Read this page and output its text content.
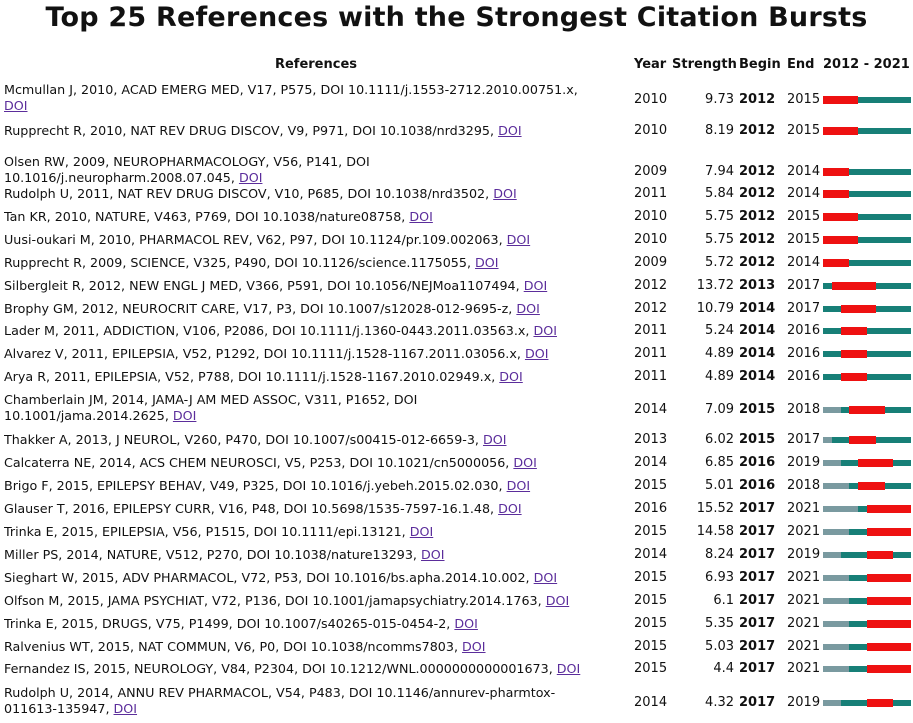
Top 25 References with the Strongest Citation Bursts
References	Year Strength Begin End 2012 - 2021
Mcmullan J, 2010, ACAD EMERG MED, V17, P575, DOI 10.1111/j.1553-2712.2010.00751.x,
DOI	2010	9.73 2012 2015
Rupprecht R, 2010, NAT REV DRUG DISCOV, V9, P971, DOI 10.1038/nrd3295, DOI	2010	8.19 2012 2015
Olsen RW, 2009, NEUROPHARMACOLOGY, V56, P141, DOI
10.1016/j.neuropharm.2008.07.045, DOI	2009	7.94 2012 2014
Rudolph U, 2011, NAT REV DRUG DISCOV, V10, P685, DOI 10.1038/nrd3502, DOI	2011	5.84 2012 2014
Tan KR, 2010, NATURE, V463, P769, DOI 10.1038/nature08758, DOI	2010	5.75 2012 2015
Uusi-oukari M, 2010, PHARMACOL REV, V62, P97, DOI 10.1124/pr.109.002063, DOI	2010	5.75 2012 2015
Rupprecht R, 2009, SCIENCE, V325, P490, DOI 10.1126/science.1175055, DOI	2009	5.72 2012 2014
Silbergleit R, 2012, NEW ENGL J MED, V366, P591, DOI 10.1056/NEJMoa1107494, DOI	2012	13.72 2013 2017
Brophy GM, 2012, NEUROCRIT CARE, V17, P3, DOI 10.1007/s12028-012-9695-z, DOI	2012	10.79 2014 2017
Lader M, 2011, ADDICTION, V106, P2086, DOI 10.1111/j.1360-0443.2011.03563.x, DOI	2011	5.24 2014 2016
Alvarez V, 2011, EPILEPSIA, V52, P1292, DOI 10.1111/j.1528-1167.2011.03056.x, DOI	2011	4.89 2014 2016
Arya R, 2011, EPILEPSIA, V52, P788, DOI 10.1111/j.1528-1167.2010.02949.x, DOI	2011	4.89 2014 2016
Chamberlain JM, 2014, JAMA-J AM MED ASSOC, V311, P1652, DOI
10.1001/jama.2014.2625, DOI	2014	7.09 2015 2018
Thakker A, 2013, J NEUROL, V260, P470, DOI 10.1007/s00415-012-6659-3, DOI	2013	6.02 2015 2017
Calcaterra NE, 2014, ACS CHEM NEUROSCI, V5, P253, DOI 10.1021/cn5000056, DOI	2014	6.85 2016 2019
Brigo F, 2015, EPILEPSY BEHAV, V49, P325, DOI 10.1016/j.yebeh.2015.02.030, DOI	2015	5.01 2016 2018
Glauser T, 2016, EPILEPSY CURR, V16, P48, DOI 10.5698/1535-7597-16.1.48, DOI	2016	15.52 2017 2021
Trinka E, 2015, EPILEPSIA, V56, P1515, DOI 10.1111/epi.13121, DOI	2015	14.58 2017 2021
Miller PS, 2014, NATURE, V512, P270, DOI 10.1038/nature13293, DOI	2014	8.24 2017 2019
Sieghart W, 2015, ADV PHARMACOL, V72, P53, DOI 10.1016/bs.apha.2014.10.002, DOI	2015	6.93 2017 2021
Olfson M, 2015, JAMA PSYCHIAT, V72, P136, DOI 10.1001/jamapsychiatry.2014.1763, DOI	2015	6.1 2017 2021
Trinka E, 2015, DRUGS, V75, P1499, DOI 10.1007/s40265-015-0454-2, DOI	2015	5.35 2017 2021
Ralvenius WT, 2015, NAT COMMUN, V6, P0, DOI 10.1038/ncomms7803, DOI	2015	5.03 2017 2021
Fernandez IS, 2015, NEUROLOGY, V84, P2304, DOI 10.1212/WNL.0000000000001673, DOI	2015	4.4 2017 2021
Rudolph U, 2014, ANNU REV PHARMACOL, V54, P483, DOI 10.1146/annurev-pharmtox-
011613-135947, DOI	2014	4.32 2017 2019
